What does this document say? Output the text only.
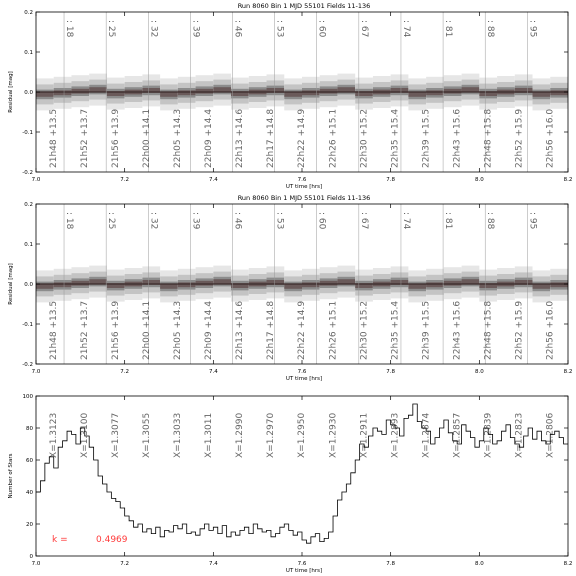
Run 8060 Bin 1 MJD 55101 Fields 11-136
: 18	: 25	: 32	: 39	: 46	: 53	: 60	: 67	: 74	: 81	: 88	: 95
21h48 +13.5 21h52 +13.7 21h56 +13.9 22h00 +14.1 22h05 +14.3 22h09 +14.4 22h13 +14.6 22h17 +14.8 22h22 +14.9 22h26 +15.1 22h30 +15.2 22h35 +15.4 22h39 +15.5 22h43 +15.6 22h48 +15.8 22h52 +15.9 22h56 +16.0
7.0	7.2	7.4	7.6	7.8	8.0	8.2
0.2
0.1
0.0
-0.1
-0.2
UT time [hrs]
Residual [mag]
Run 8060 Bin 1 MJD 55101 Fields 11-136
: 18	: 25	: 32	: 39	: 46	: 53	: 60	: 67	: 74	: 81	: 88	: 95
21h48 +13.5 21h52 +13.7 21h56 +13.9 22h00 +14.1 22h05 +14.3 22h09 +14.4 22h13 +14.6 22h17 +14.8 22h22 +14.9 22h26 +15.1 22h30 +15.2 22h35 +15.4 22h39 +15.5 22h43 +15.6 22h48 +15.8 22h52 +15.9 22h56 +16.0
7.0	7.2	7.4	7.6	7.8	8.0	8.2
0.2
0.1
0.0
-0.1
-0.2
UT time [hrs]
Residual [mag]
X=1.3123 X=1.3100 X=1.3077 X=1.3055 X=1.3033 X=1.3011 X=1.2990 X=1.2970 X=1.2950 X=1.2930 X=1.2911 X=1.2893 X=1.2874 X=1.2857 X=1.2839 X=1.2823 X=1.2806
7.0	7.2	7.4	7.6	7.8	8.0	8.2
0
20
40
60
80
100
k =	0.4969
UT time [hrs]
Number of Stars
